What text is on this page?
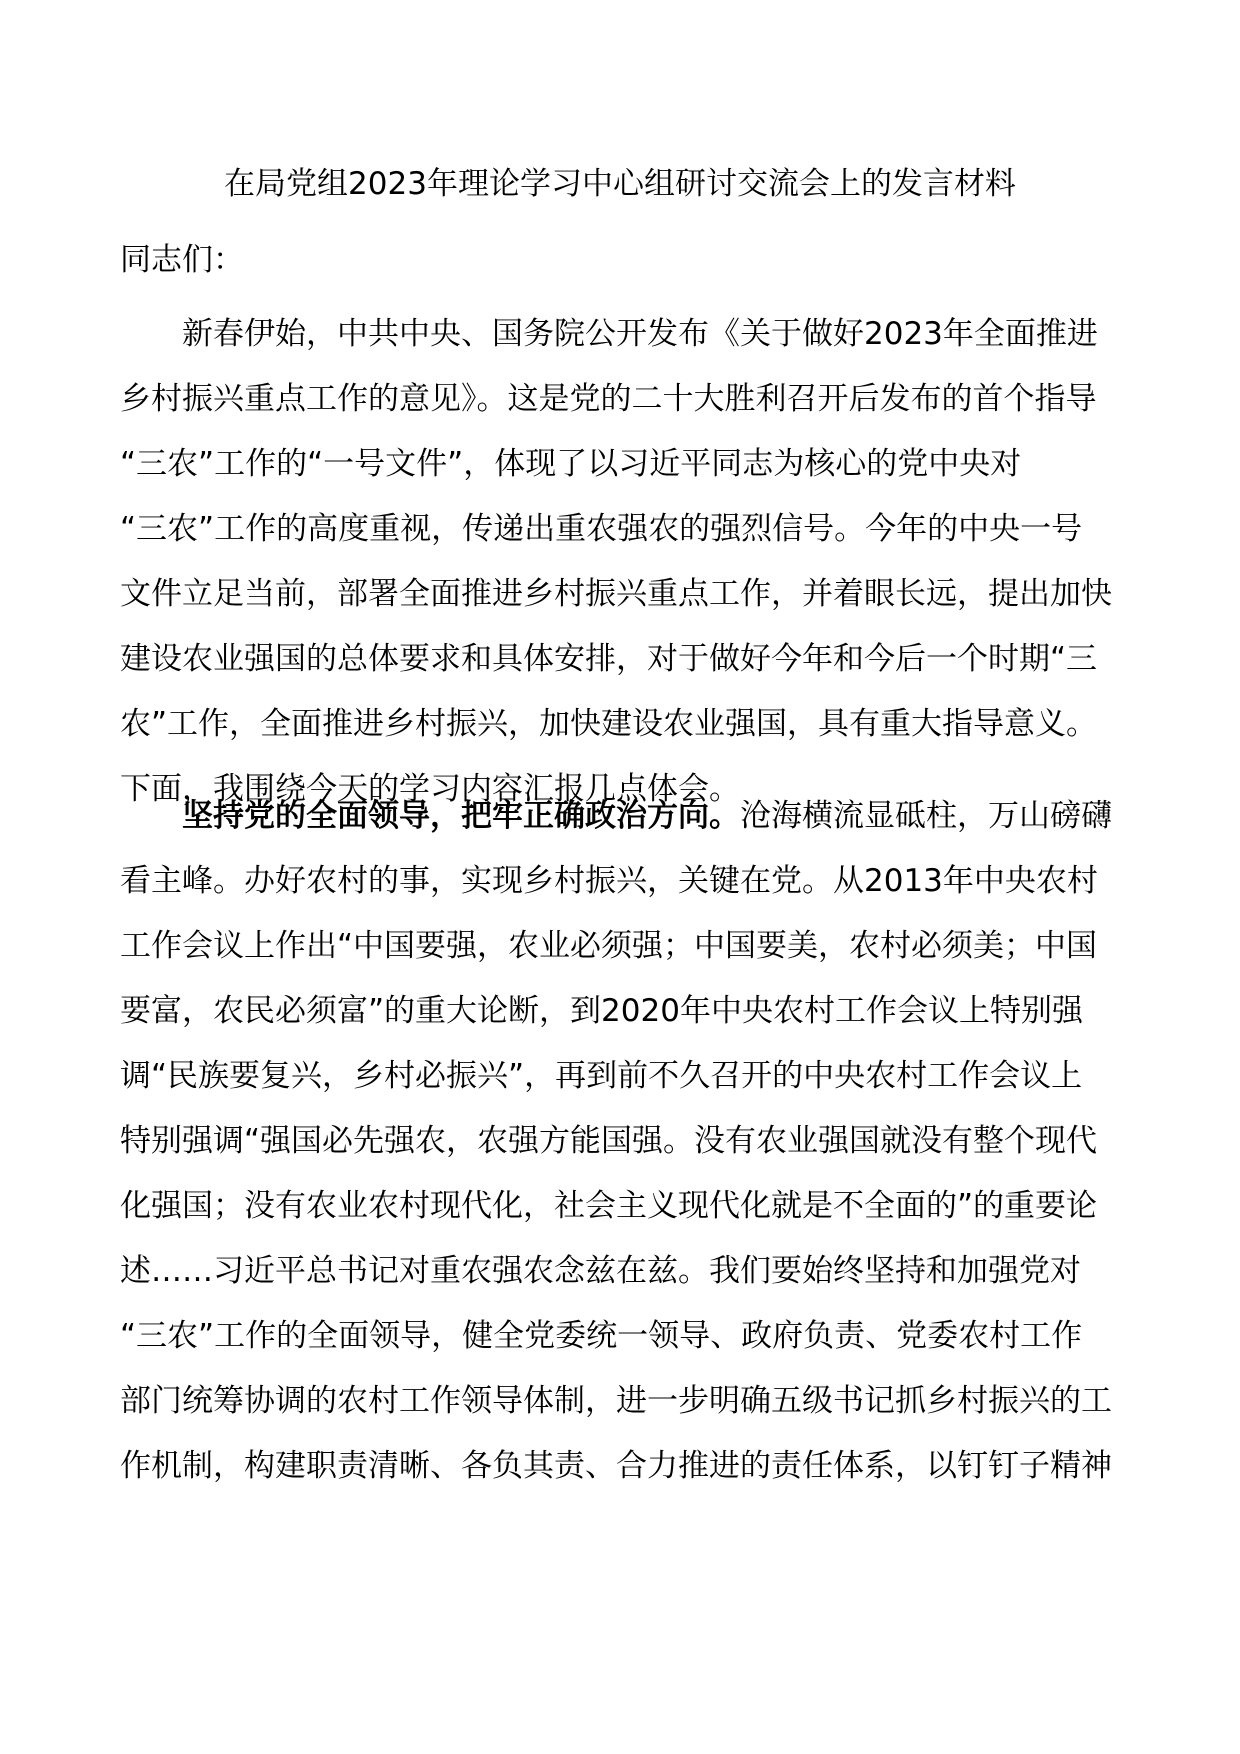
在局党组2023年理论学习中心组研讨交流会上的发言材料
同志们：
　　新春伊始，中共中央、国务院公开发布《关于做好2023年全面推进
乡村振兴重点工作的意见》。这是党的二十大胜利召开后发布的首个指导
“三农”工作的“一号文件”，体现了以习近平同志为核心的党中央对
“三农”工作的高度重视，传递出重农强农的强烈信号。今年的中央一号
文件立足当前，部署全面推进乡村振兴重点工作，并着眼长远，提出加快
建设农业强国的总体要求和具体安排，对于做好今年和今后一个时期“三
农”工作，全面推进乡村振兴，加快建设农业强国，具有重大指导意义。
下面，我围绕今天的学习内容汇报几点体会。
　　坚持党的全面领导，把牢正确政治方向。沧海横流显砥柱，万山磅礴
看主峰。办好农村的事，实现乡村振兴，关键在党。从2013年中央农村
工作会议上作出“中国要强，农业必须强；中国要美，农村必须美；中国
要富，农民必须富”的重大论断，到2020年中央农村工作会议上特别强
调“民族要复兴，乡村必振兴”，再到前不久召开的中央农村工作会议上
特别强调“强国必先强农，农强方能国强。没有农业强国就没有整个现代
化强国；没有农业农村现代化，社会主义现代化就是不全面的”的重要论
述……习近平总书记对重农强农念兹在兹。我们要始终坚持和加强党对
“三农”工作的全面领导，健全党委统一领导、政府负责、党委农村工作
部门统筹协调的农村工作领导体制，进一步明确五级书记抓乡村振兴的工
作机制，构建职责清晰、各负其责、合力推进的责任体系，以钉钉子精神
